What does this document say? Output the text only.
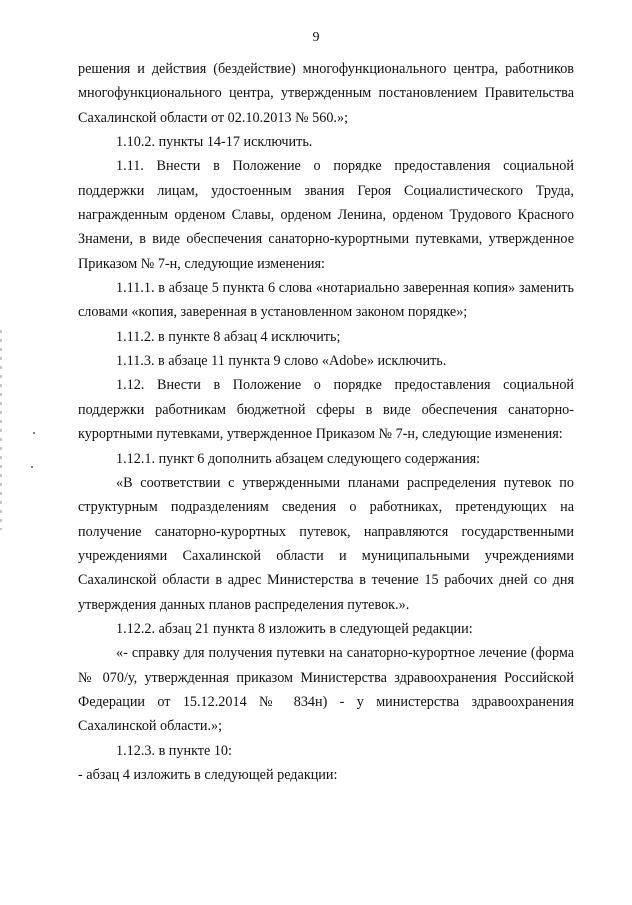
9

решения и действия (бездействие) многофункционального центра, работников многофункционального центра, утвержденным постановлением Правительства Сахалинской области от 02.10.2013 № 560.»;

1.10.2. пункты 14-17 исключить.

1.11. Внести в Положение о порядке предоставления социальной поддержки лицам, удостоенным звания Героя Социалистического Труда, награжденным орденом Славы, орденом Ленина, орденом Трудового Красного Знамени, в виде обеспечения санаторно-курортными путевками, утвержденное Приказом № 7-н, следующие изменения:

1.11.1. в абзаце 5 пункта 6 слова «нотариально заверенная копия» заменить словами «копия, заверенная в установленном законом порядке»;

1.11.2. в пункте 8 абзац 4 исключить;

1.11.3. в абзаце 11 пункта 9 слово «Adobe» исключить.

1.12. Внести в Положение о порядке предоставления социальной поддержки работникам бюджетной сферы в виде обеспечения санаторно-курортными путевками, утвержденное Приказом № 7-н, следующие изменения:

1.12.1. пункт 6 дополнить абзацем следующего содержания:

«В соответствии с утвержденными планами распределения путевок по структурным подразделениям сведения о работниках, претендующих на получение санаторно-курортных путевок, направляются государственными учреждениями Сахалинской области и муниципальными учреждениями Сахалинской области в адрес Министерства в течение 15 рабочих дней со дня утверждения данных планов распределения путевок.».

1.12.2. абзац 21 пункта 8 изложить в следующей редакции:

«- справку для получения путевки на санаторно-курортное лечение (форма № 070/у, утвержденная приказом Министерства здравоохранения Российской Федерации от 15.12.2014 № 834н) - у министерства здравоохранения Сахалинской области.»;

1.12.3. в пункте 10:

- абзац 4 изложить в следующей редакции:
